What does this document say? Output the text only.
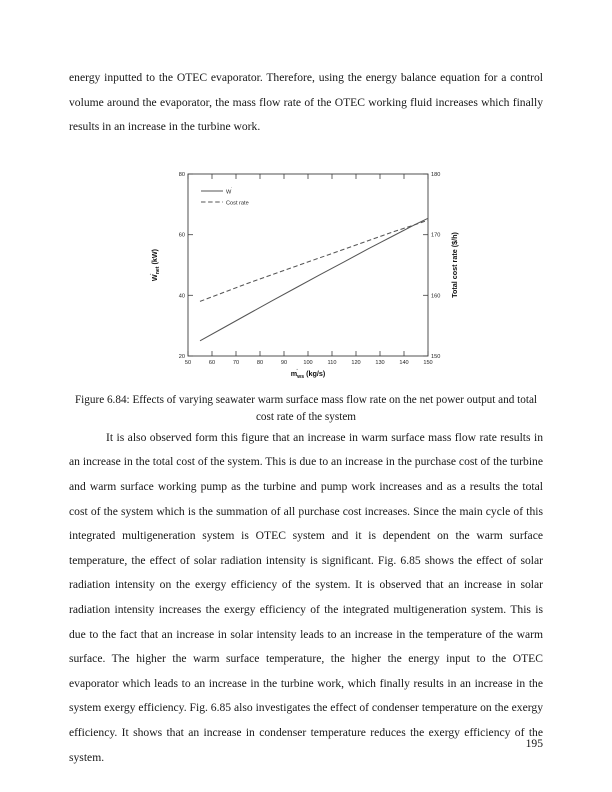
energy inputted to the OTEC evaporator. Therefore, using the energy balance equation for a control volume around the evaporator, the mass flow rate of the OTEC working fluid increases which finally results in an increase in the turbine work.

50	60	70	80	90	100	110	120	130	140	150
20
40
60
80
150
160
170
180
W
Cost rate
$m_{ws}$ (kg/s)
$W_{net}$ (kW)	Total cost rate ($/h)

Figure 6.84: Effects of varying seawater warm surface mass flow rate on the net power output and total cost rate of the system

It is also observed form this figure that an increase in warm surface mass flow rate results in an increase in the total cost of the system. This is due to an increase in the purchase cost of the turbine and warm surface working pump as the turbine and pump work increases and as a results the total cost of the system which is the summation of all purchase cost increases. Since the main cycle of this integrated multigeneration system is OTEC system and it is dependent on the warm surface temperature, the effect of solar radiation intensity is significant. Fig. 6.85 shows the effect of solar radiation intensity on the exergy efficiency of the system. It is observed that an increase in solar radiation intensity increases the exergy efficiency of the integrated multigeneration system. This is due to the fact that an increase in solar intensity leads to an increase in the temperature of the warm surface. The higher the warm surface temperature, the higher the energy input to the OTEC evaporator which leads to an increase in the turbine work, which finally results in an increase in the system exergy efficiency. Fig. 6.85 also investigates the effect of condenser temperature on the exergy efficiency. It shows that an increase in condenser temperature reduces the exergy efficiency of the system.

195
